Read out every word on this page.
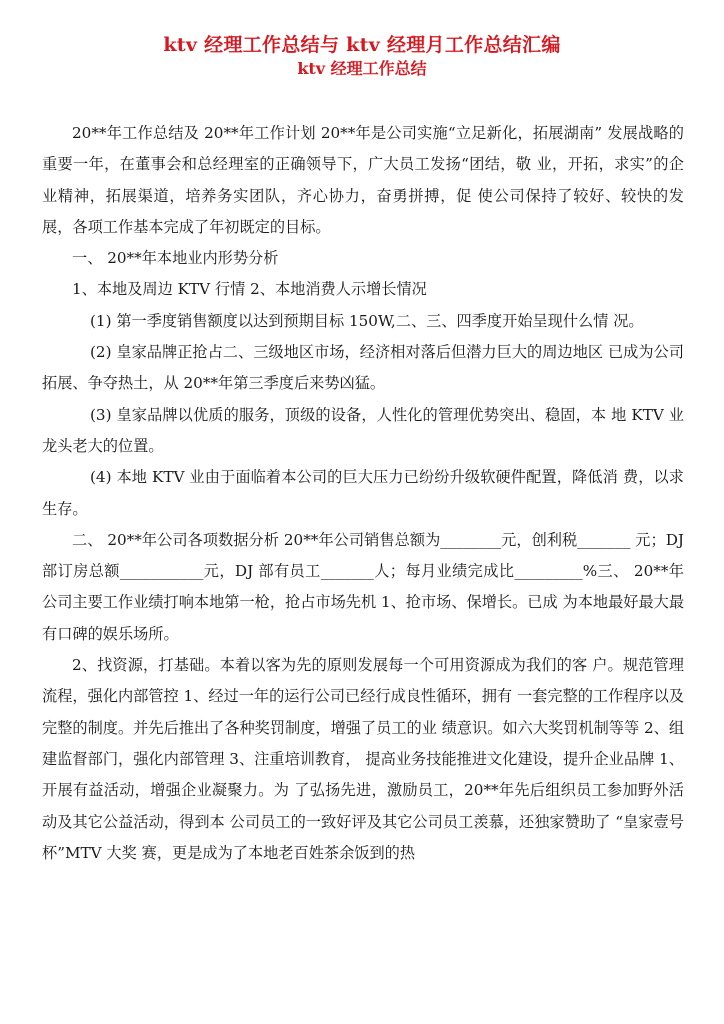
ktv 经理工作总结与 ktv 经理月工作总结汇编
ktv 经理工作总结

20**年工作总结及 20**年工作计划 20**年是公司实施“立足新化，拓展湖南” 发展战略的重要一年，在董事会和总经理室的正确领导下，广大员工发扬“团结，敬 业，开拓，求实”的企业精神，拓展渠道，培养务实团队，齐心协力，奋勇拼搏，促 使公司保持了较好、较快的发展，各项工作基本完成了年初既定的目标。

一、 20**年本地业内形势分析

1、本地及周边 KTV 行情 2、本地消费人示增长情况

(1) 第一季度销售额度以达到预期目标 150W,二、三、四季度开始呈现什么情 况。

(2) 皇家品牌正抢占二、三级地区市场，经济相对落后但潜力巨大的周边地区 已成为公司拓展、争夺热土，从 20**年第三季度后来势凶猛。

(3) 皇家品牌以优质的服务，顶级的设备，人性化的管理优势突出、稳固，本 地 KTV 业龙头老大的位置。

(4) 本地 KTV 业由于面临着本公司的巨大压力已纷纷升级软硬件配置，降低消 费，以求生存。

二、 20**年公司各项数据分析 20**年公司销售总额为________元，创利税_______ 元；DJ 部订房总额___________元，DJ 部有员工_______人；每月业绩完成比_________%三、 20**年公司主要工作业绩打响本地第一枪，抢占市场先机 1、抢市场、保增长。已成 为本地最好最大最有口碑的娱乐场所。

2、找资源，打基础。本着以客为先的原则发展每一个可用资源成为我们的客 户。规范管理流程，强化内部管控 1、经过一年的运行公司已经行成良性循环，拥有 一套完整的工作程序以及完整的制度。并先后推出了各种奖罚制度，增强了员工的业 绩意识。如六大奖罚机制等等 2、组建监督部门，强化内部管理 3、注重培训教育， 提高业务技能推进文化建设，提升企业品牌 1、开展有益活动，增强企业凝聚力。为 了弘扬先进，激励员工，20**年先后组织员工参加野外活动及其它公益活动，得到本 公司员工的一致好评及其它公司员工羡慕，还独家赞助了 “皇家壹号杯”MTV 大奖 赛，更是成为了本地老百姓茶余饭到的热
